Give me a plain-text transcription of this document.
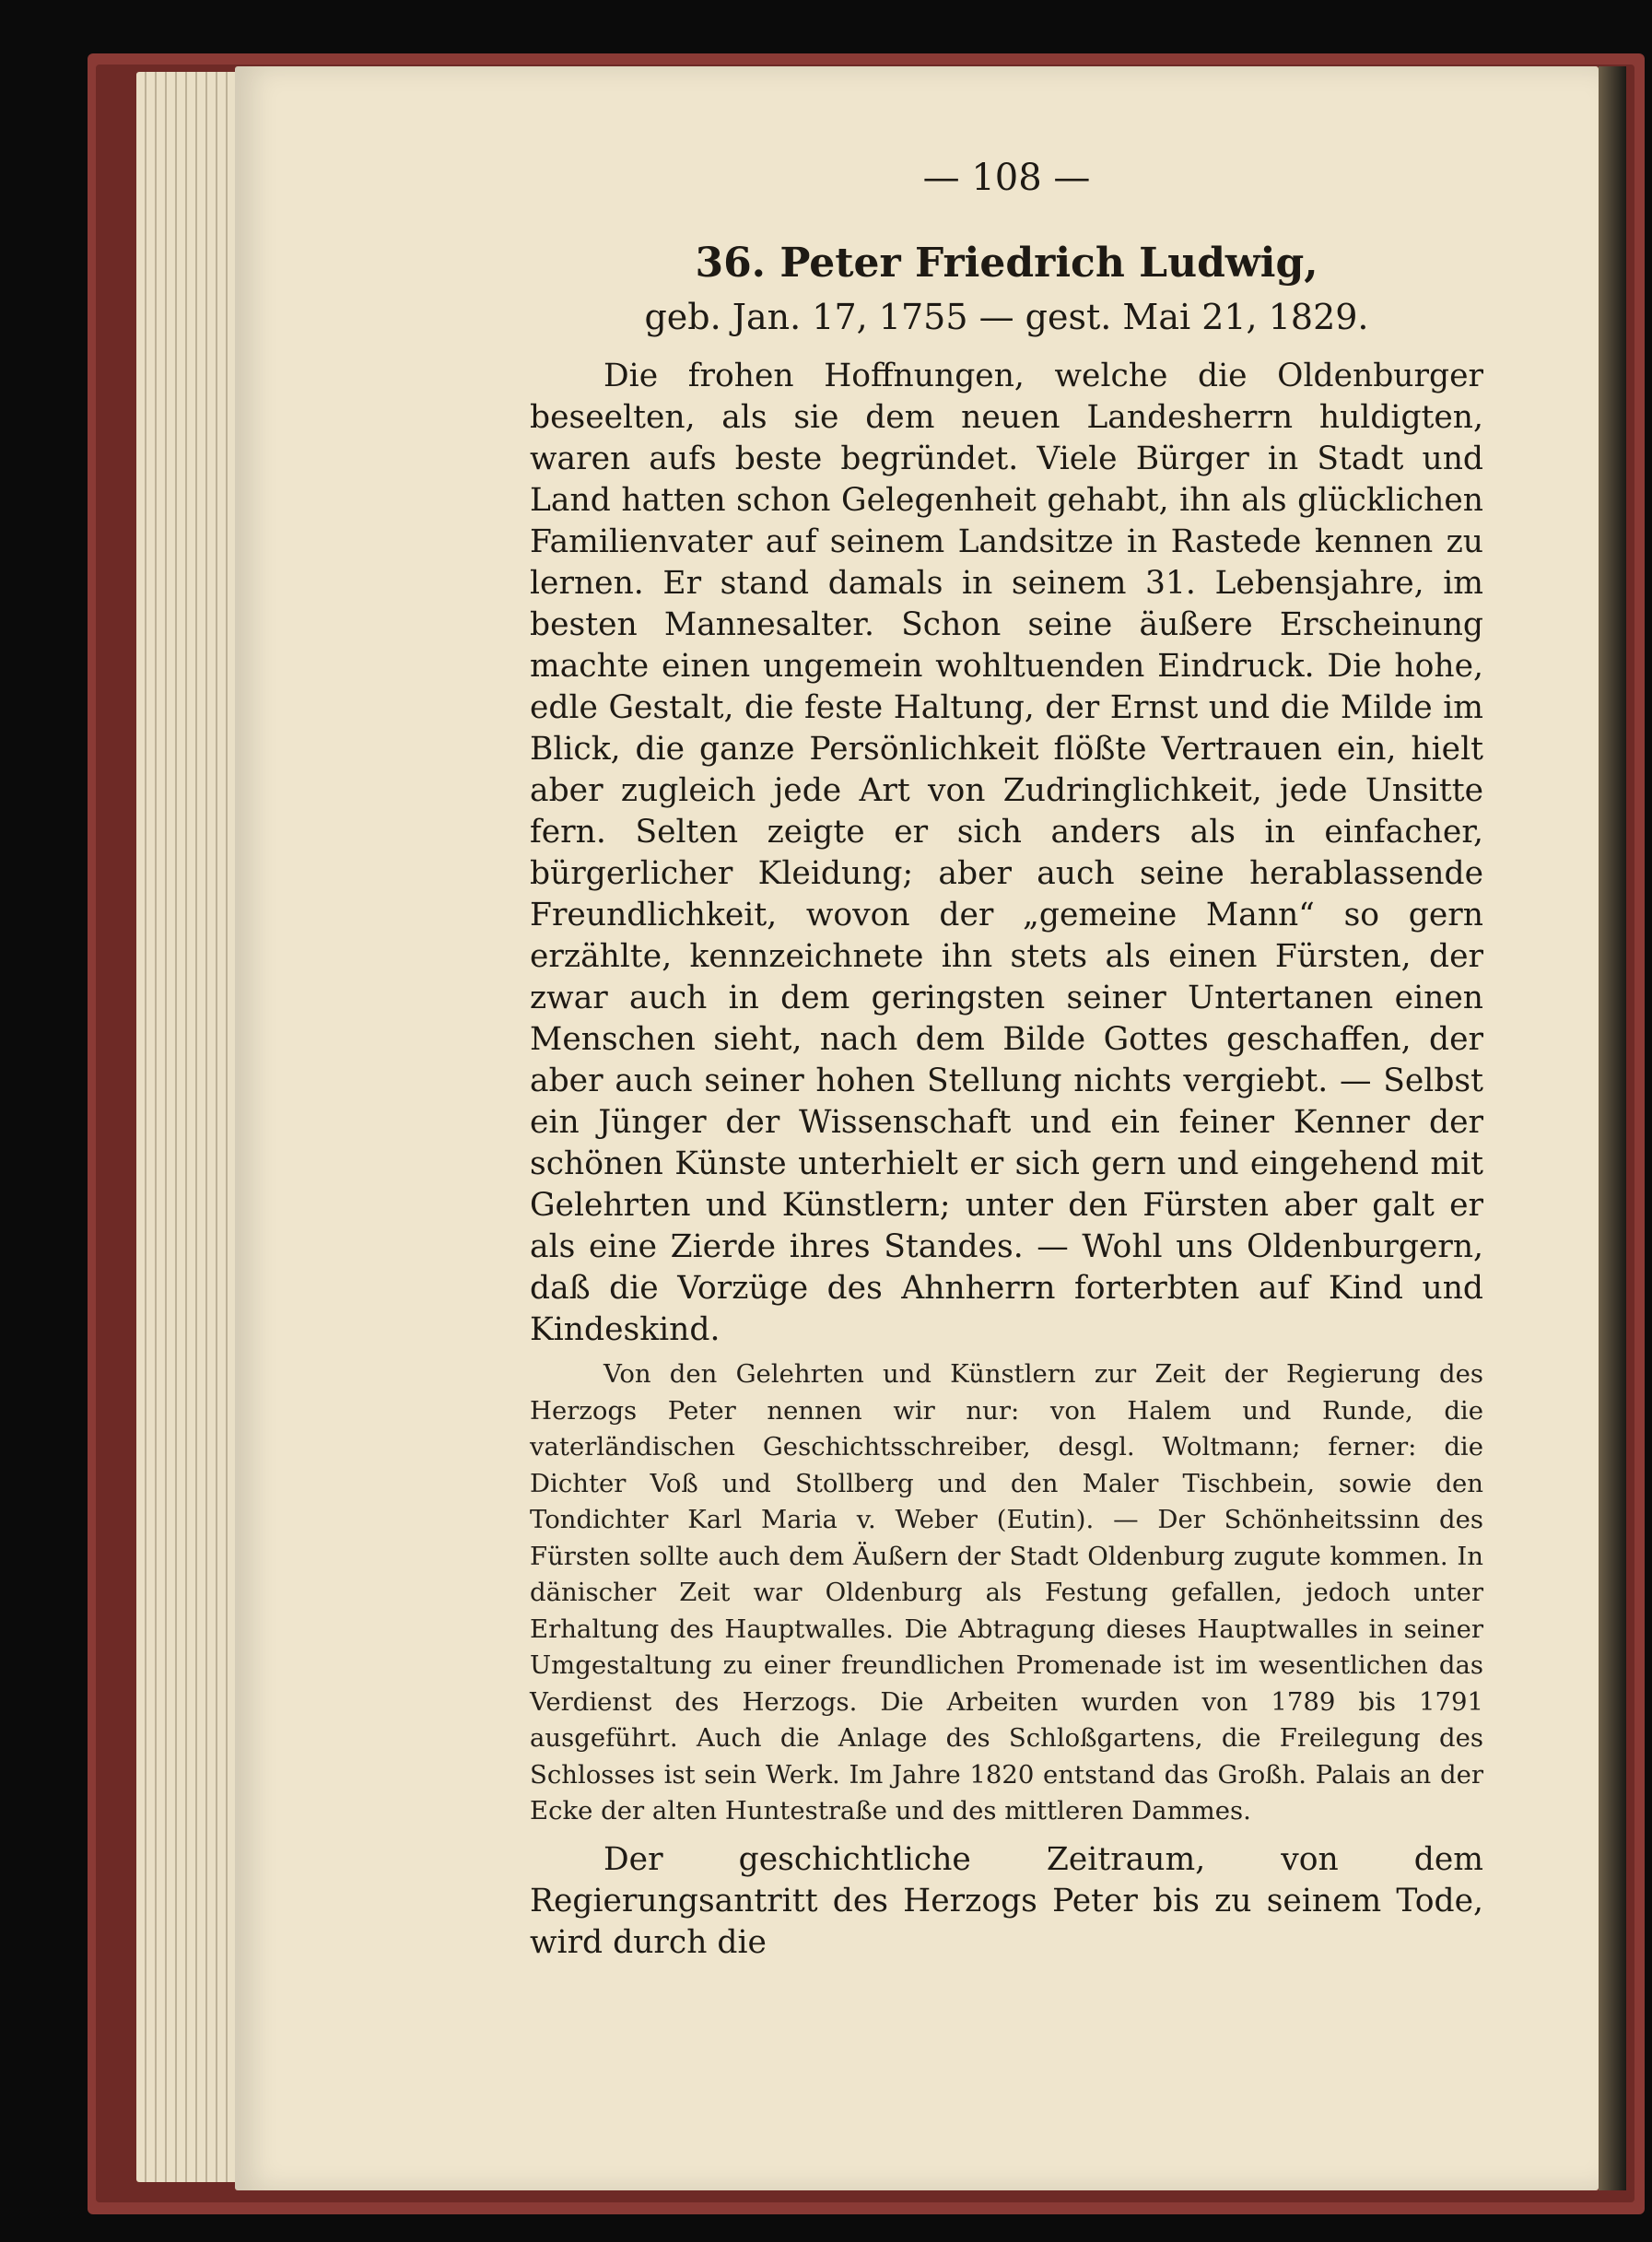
— 108 —

36. Peter Friedrich Ludwig,

geb. Jan. 17, 1755 — gest. Mai 21, 1829.

Die frohen Hoffnungen, welche die Oldenburger beseelten, als sie dem neuen Landesherrn huldigten, waren aufs beste begründet. Viele Bürger in Stadt und Land hatten schon Gelegenheit gehabt, ihn als glücklichen Familienvater auf seinem Landsitze in Rastede kennen zu lernen. Er stand damals in seinem 31. Lebensjahre, im besten Mannesalter. Schon seine äußere Erscheinung machte einen ungemein wohltuenden Eindruck. Die hohe, edle Gestalt, die feste Haltung, der Ernst und die Milde im Blick, die ganze Persönlichkeit flößte Vertrauen ein, hielt aber zugleich jede Art von Zudringlichkeit, jede Unsitte fern. Selten zeigte er sich anders als in einfacher, bürgerlicher Kleidung; aber auch seine herablassende Freundlichkeit, wovon der „gemeine Mann“ so gern erzählte, kennzeichnete ihn stets als einen Fürsten, der zwar auch in dem geringsten seiner Untertanen einen Menschen sieht, nach dem Bilde Gottes geschaffen, der aber auch seiner hohen Stellung nichts vergiebt. — Selbst ein Jünger der Wissenschaft und ein feiner Kenner der schönen Künste unterhielt er sich gern und eingehend mit Gelehrten und Künstlern; unter den Fürsten aber galt er als eine Zierde ihres Standes. — Wohl uns Oldenburgern, daß die Vorzüge des Ahnherrn forterbten auf Kind und Kindeskind.

Von den Gelehrten und Künstlern zur Zeit der Regierung des Herzogs Peter nennen wir nur: von Halem und Runde, die vaterländischen Geschichtsschreiber, desgl. Woltmann; ferner: die Dichter Voß und Stollberg und den Maler Tischbein, sowie den Tondichter Karl Maria v. Weber (Eutin). — Der Schönheitssinn des Fürsten sollte auch dem Äußern der Stadt Oldenburg zugute kommen. In dänischer Zeit war Oldenburg als Festung gefallen, jedoch unter Erhaltung des Hauptwalles. Die Abtragung dieses Hauptwalles in seiner Umgestaltung zu einer freundlichen Promenade ist im wesentlichen das Verdienst des Herzogs. Die Arbeiten wurden von 1789 bis 1791 ausgeführt. Auch die Anlage des Schloßgartens, die Freilegung des Schlosses ist sein Werk. Im Jahre 1820 entstand das Großh. Palais an der Ecke der alten Huntestraße und des mittleren Dammes.

Der geschichtliche Zeitraum, von dem Regierungsantritt des Herzogs Peter bis zu seinem Tode, wird durch die
